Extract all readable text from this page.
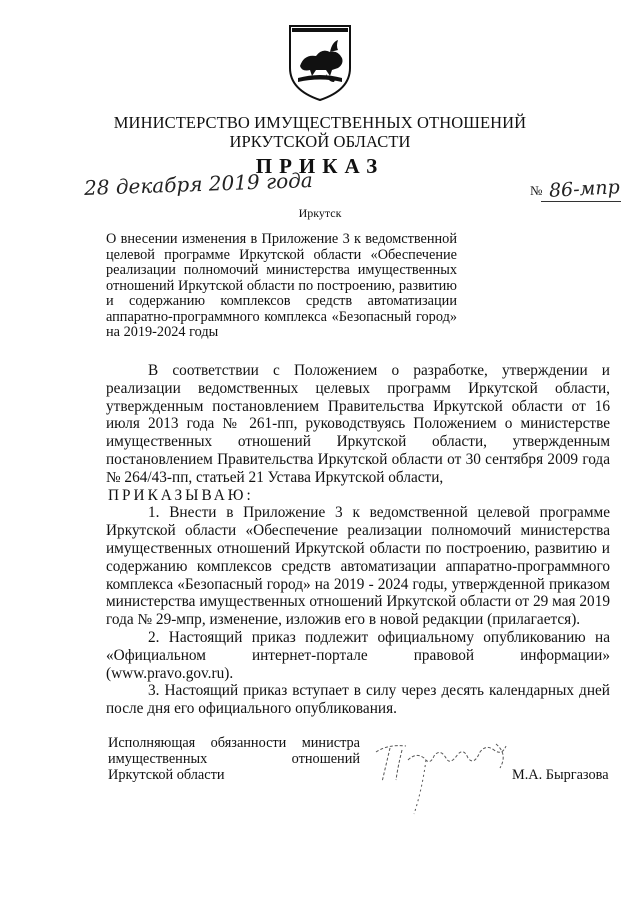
МИНИСТЕРСТВО ИМУЩЕСТВЕННЫХ ОТНОШЕНИЙ
ИРКУТСКОЙ ОБЛАСТИ
ПРИКАЗ
28 декабря 2019 года	№ 86-мпр
Иркутск
О внесении изменения в Приложение 3 к ведомственной целевой программе Иркутской области «Обеспечение реализации полномочий министерства имущественных отношений Иркутской области по построению, развитию и содержанию комплексов средств автоматизации аппаратно-программного комплекса «Безопасный город» на 2019-2024 годы

В соответствии с Положением о разработке, утверждении и реализации ведомственных целевых программ Иркутской области, утвержденным постановлением Правительства Иркутской области от 16 июля 2013 года № 261-пп, руководствуясь Положением о министерстве имущественных отношений Иркутской области, утвержденным постановлением Правительства Иркутской области от 30 сентября 2009 года № 264/43-пп, статьей 21 Устава Иркутской области,

ПРИКАЗЫВАЮ:

1. Внести в Приложение 3 к ведомственной целевой программе Иркутской области «Обеспечение реализации полномочий министерства имущественных отношений Иркутской области по построению, развитию и содержанию комплексов средств автоматизации аппаратно-программного комплекса «Безопасный город» на 2019 - 2024 годы, утвержденной приказом министерства имущественных отношений Иркутской области от 29 мая 2019 года № 29-мпр, изменение, изложив его в новой редакции (прилагается).

2. Настоящий приказ подлежит официальному опубликованию на «Официальном интернет-портале правовой информации» (www.pravo.gov.ru).

3. Настоящий приказ вступает в силу через десять календарных дней после дня его официального опубликования.

Исполняющая обязанности министра
имущественных отношений
Иркутской области	М.А. Быргазова
